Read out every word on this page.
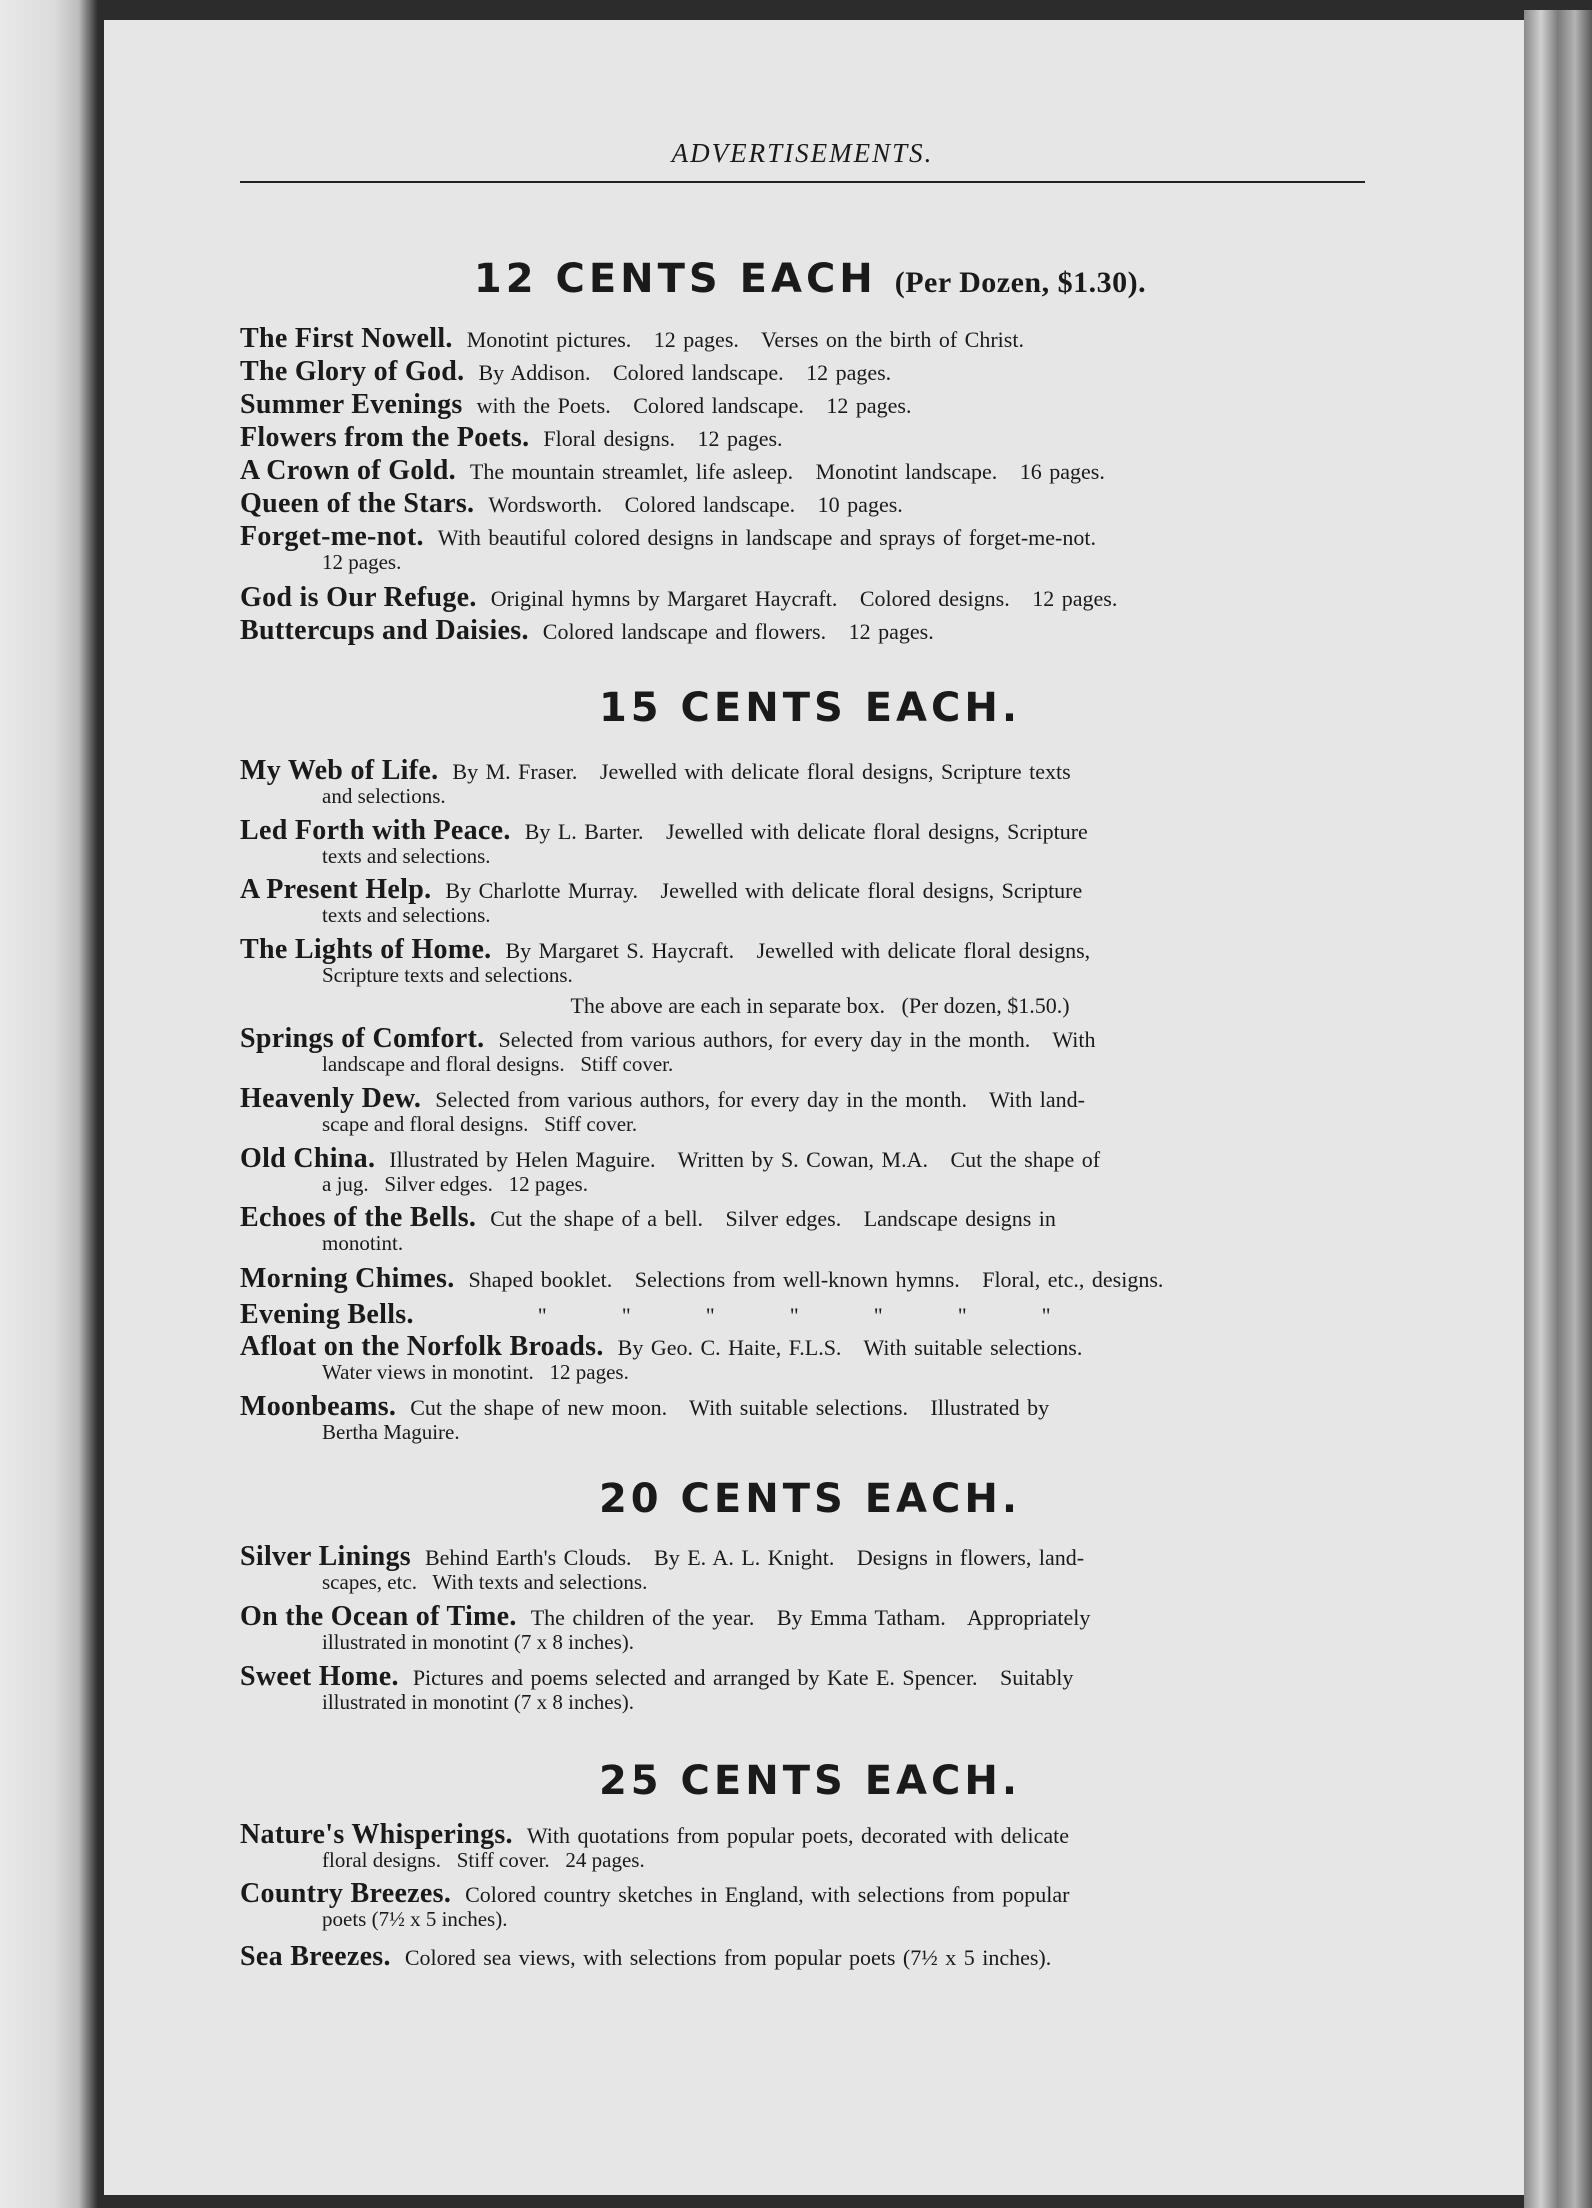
ADVERTISEMENTS.
12 CENTS EACH (Per Dozen, $1.30).
The First Nowell. Monotint pictures.   12 pages.   Verses on the birth of Christ.
The Glory of God. By Addison.   Colored landscape.   12 pages.
Summer Evenings with the Poets.   Colored landscape.   12 pages.
Flowers from the Poets. Floral designs.   12 pages.
A Crown of Gold. The mountain streamlet, life asleep.   Monotint landscape.   16 pages.
Queen of the Stars. Wordsworth.   Colored landscape.   10 pages.
Forget-me-not. With beautiful colored designs in landscape and sprays of forget-me-not.
12 pages.
God is Our Refuge. Original hymns by Margaret Haycraft.   Colored designs.   12 pages.
Buttercups and Daisies. Colored landscape and flowers.   12 pages.
15 CENTS EACH.
My Web of Life. By M. Fraser.   Jewelled with delicate floral designs, Scripture texts
and selections.
Led Forth with Peace. By L. Barter.   Jewelled with delicate floral designs, Scripture
texts and selections.
A Present Help. By Charlotte Murray.   Jewelled with delicate floral designs, Scripture
texts and selections.
The Lights of Home. By Margaret S. Haycraft.   Jewelled with delicate floral designs,
Scripture texts and selections.
The above are each in separate box.   (Per dozen, $1.50.)
Springs of Comfort. Selected from various authors, for every day in the month.   With
landscape and floral designs.   Stiff cover.
Heavenly Dew. Selected from various authors, for every day in the month.   With land-
scape and floral designs.   Stiff cover.
Old China. Illustrated by Helen Maguire.   Written by S. Cowan, M.A.   Cut the shape of
a jug.   Silver edges.   12 pages.
Echoes of the Bells. Cut the shape of a bell.   Silver edges.   Landscape designs in
monotint.
Morning Chimes. Shaped booklet.   Selections from well-known hymns.   Floral, etc., designs.
Evening Bells.	"          "          "          "          "          "          "
Afloat on the Norfolk Broads. By Geo. C. Haite, F.L.S.   With suitable selections.
Water views in monotint.   12 pages.
Moonbeams. Cut the shape of new moon.   With suitable selections.   Illustrated by
Bertha Maguire.
20 CENTS EACH.
Silver Linings Behind Earth's Clouds.   By E. A. L. Knight.   Designs in flowers, land-
scapes, etc.   With texts and selections.
On the Ocean of Time. The children of the year.   By Emma Tatham.   Appropriately
illustrated in monotint (7 x 8 inches).
Sweet Home. Pictures and poems selected and arranged by Kate E. Spencer.   Suitably
illustrated in monotint (7 x 8 inches).
25 CENTS EACH.
Nature's Whisperings. With quotations from popular poets, decorated with delicate
floral designs.   Stiff cover.   24 pages.
Country Breezes. Colored country sketches in England, with selections from popular
poets (7½ x 5 inches).
Sea Breezes. Colored sea views, with selections from popular poets (7½ x 5 inches).
